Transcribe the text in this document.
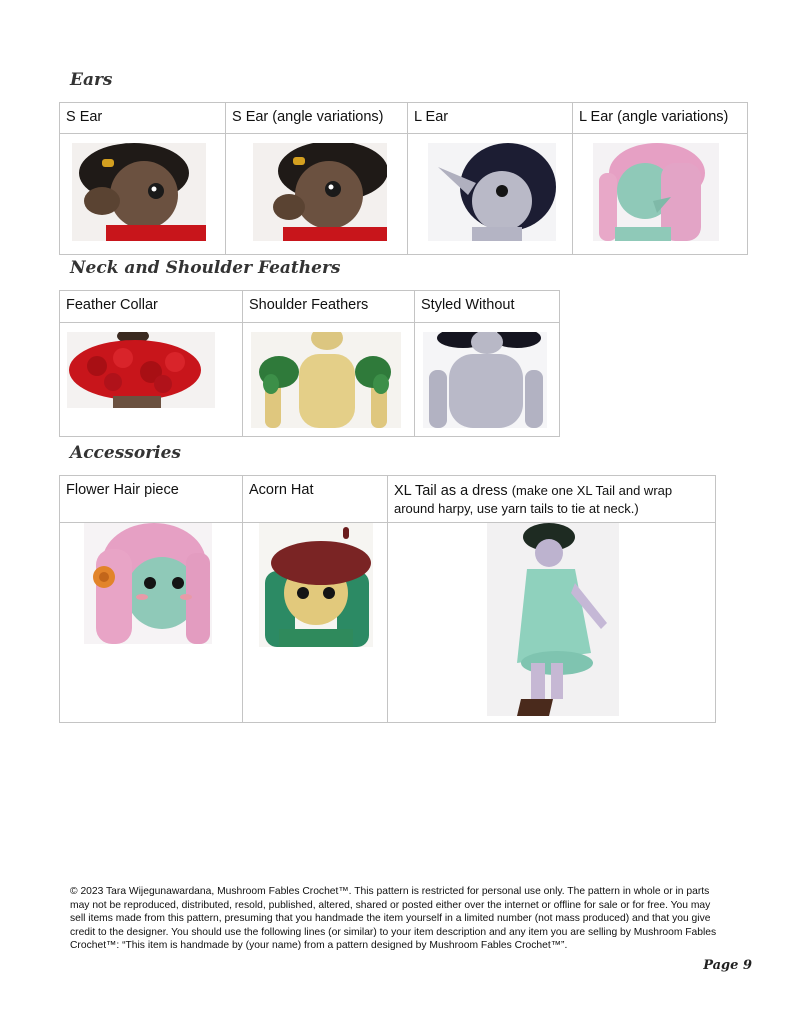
Ears
S Ear	S Ear (angle variations)	L Ear	L Ear (angle variations)

Neck and Shoulder Feathers
Feather Collar	Shoulder Feathers	Styled Without

Accessories
Flower Hair piece	Acorn Hat	XL Tail as a dress (make one XL Tail and wrap around harpy, use yarn tails to tie at neck.)

© 2023 Tara Wijegunawardana, Mushroom Fables Crochet™. This pattern is restricted for personal use only. The pattern in whole or in parts may not be reproduced, distributed, resold, published, altered, shared or posted either over the internet or offline for sale or for free. You may sell items made from this pattern, presuming that you handmade the item yourself in a limited number (not mass produced) and that you give credit to the designer. You should use the following lines (or similar) to your item description and any item you are selling by Mushroom Fables Crochet™: “This item is handmade by (your name) from a pattern designed by Mushroom Fables Crochet™”.
Page 9
